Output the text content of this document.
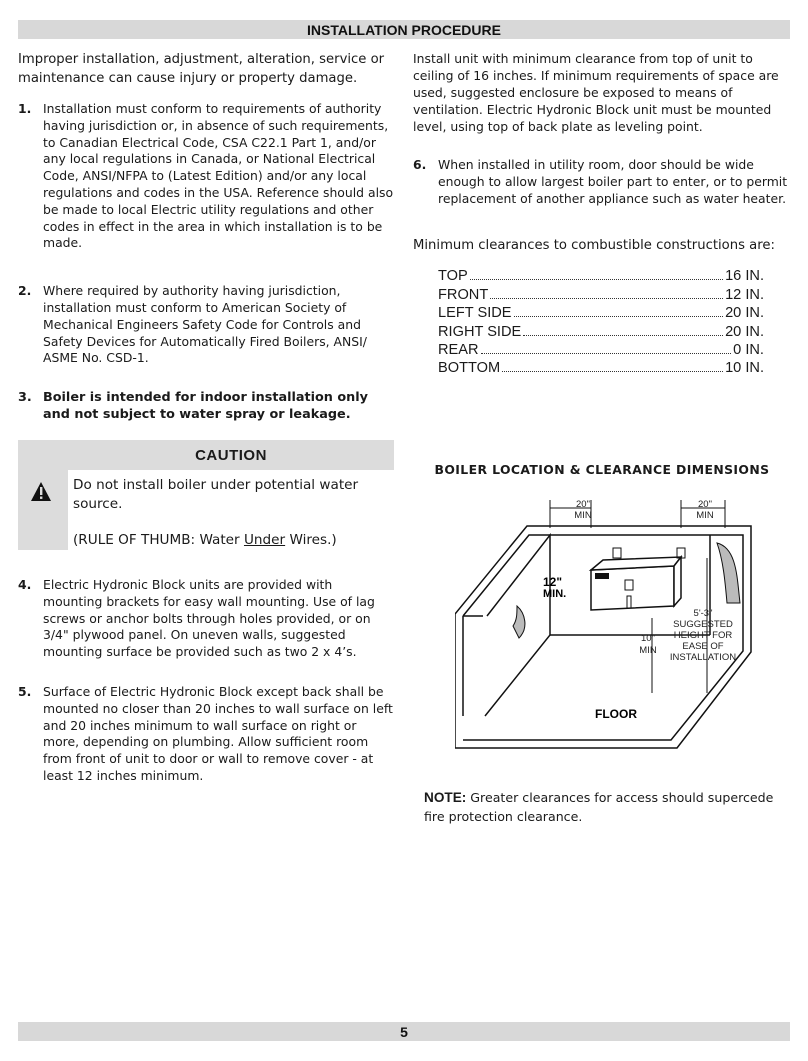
INSTALLATION PROCEDURE

Improper installation, adjustment, alteration, service or maintenance can cause injury or property damage.

1. Installation must conform to requirements of authority having jurisdiction or, in absence of such requirements, to Canadian Electrical Code, CSA C22.1 Part 1, and/or any local regulations in Canada, or National Electrical Code, ANSI/NFPA to (Latest Edition) and/or any local regulations and codes in the USA. Reference should also be made to local Electric utility regulations and other codes in effect in the area in which installation is to be made.
2. Where required by authority having jurisdiction, installation must conform to American Society of Mechanical Engineers Safety Code for Controls and Safety Devices for Automatically Fired Boilers, ANSI/ ASME No. CSD-1.
3. Boiler is intended for indoor installation only and not subject to water spray or leakage.
CAUTION
Do not install boiler under potential water source.
(RULE OF THUMB: Water Under Wires.)
4. Electric Hydronic Block units are provided with mounting brackets for easy wall mounting. Use of lag screws or anchor bolts through holes provided, or on 3/4" plywood panel. On uneven walls, suggested mounting surface be provided such as two 2 x 4’s.
5. Surface of Electric Hydronic Block except back shall be mounted no closer than 20 inches to wall surface on left and 20 inches minimum to wall surface on right or more, depending on plumbing. Allow sufficient room from front of unit to door or wall to remove cover - at least 12 inches minimum.

Install unit with minimum clearance from top of unit to ceiling of 16 inches. If minimum requirements of space are used, suggested enclosure be exposed to means of ventilation. Electric Hydronic Block unit must be mounted level, using top of back plate as leveling point.

6. When installed in utility room, door should be wide enough to allow largest boiler part to enter, or to permit replacement of another appliance such as water heater.

Minimum clearances to combustible constructions are:

TOP	16 IN.
FRONT	12 IN.
LEFT SIDE	20 IN.
RIGHT SIDE	20 IN.
REAR	0 IN.
BOTTOM	10 IN.
BOILER LOCATION & CLEARANCE DIMENSIONS
20"
MIN
20"
MIN
10"
MIN
5'-3"
SUGGESTED
HEIGHT FOR
EASE OF
INSTALLATION
12"
MIN.
FLOOR
NOTE: Greater clearances for access should supercede fire protection clearance.
5
